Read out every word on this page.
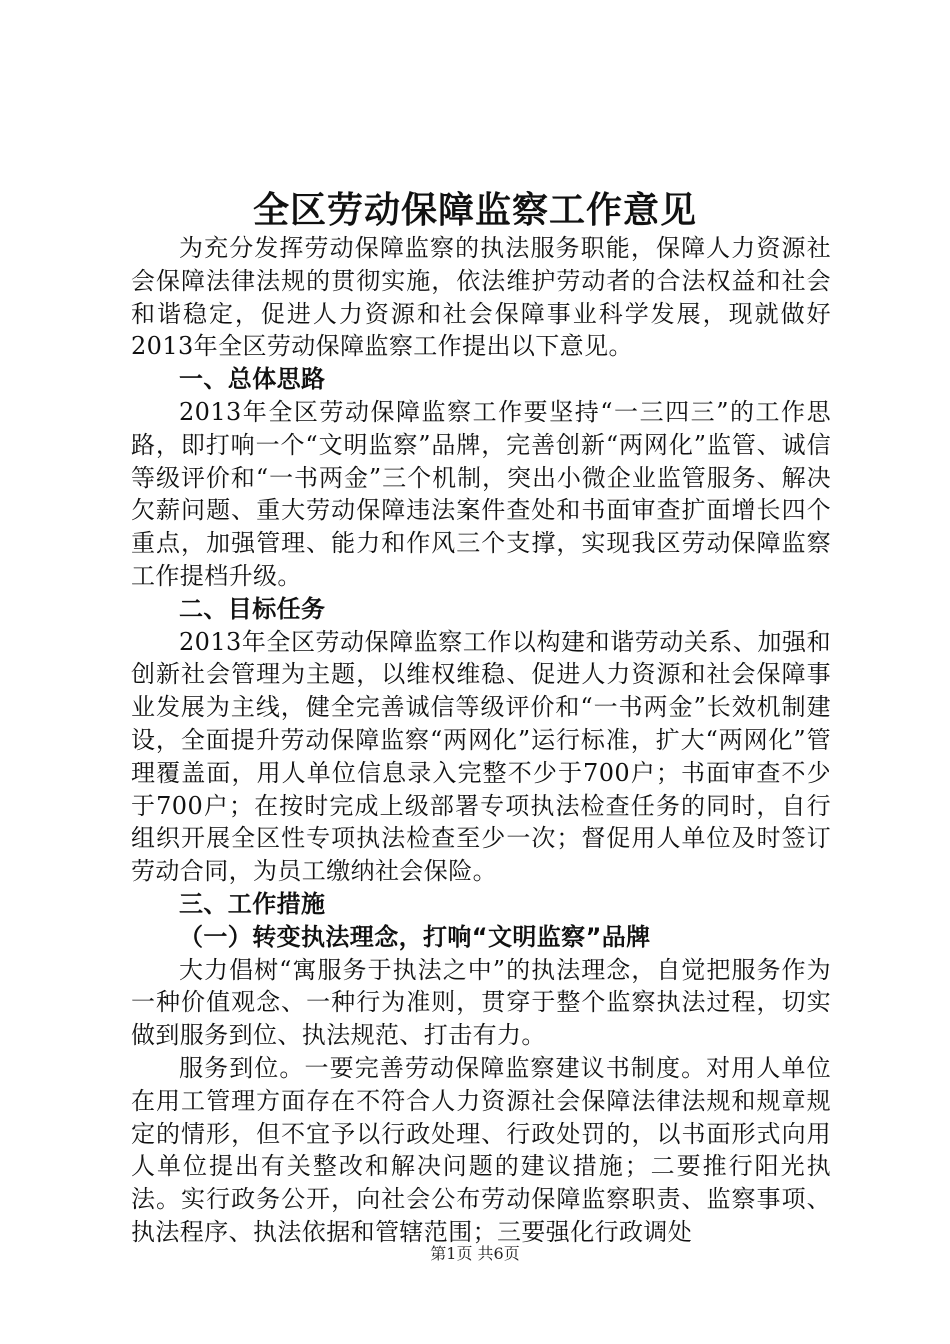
全区劳动保障监察工作意见

为充分发挥劳动保障监察的执法服务职能，保障人力资源社会保障法律法规的贯彻实施，依法维护劳动者的合法权益和社会和谐稳定，促进人力资源和社会保障事业科学发展，现就做好2013年全区劳动保障监察工作提出以下意见。

一、总体思路

2013年全区劳动保障监察工作要坚持“一三四三”的工作思路，即打响一个“文明监察”品牌，完善创新“两网化”监管、诚信等级评价和“一书两金”三个机制，突出小微企业监管服务、解决欠薪问题、重大劳动保障违法案件查处和书面审查扩面增长四个重点，加强管理、能力和作风三个支撑，实现我区劳动保障监察工作提档升级。

二、目标任务

2013年全区劳动保障监察工作以构建和谐劳动关系、加强和创新社会管理为主题，以维权维稳、促进人力资源和社会保障事业发展为主线，健全完善诚信等级评价和“一书两金”长效机制建设，全面提升劳动保障监察“两网化”运行标准，扩大“两网化”管理覆盖面，用人单位信息录入完整不少于700户；书面审查不少于700户；在按时完成上级部署专项执法检查任务的同时，自行组织开展全区性专项执法检查至少一次；督促用人单位及时签订劳动合同，为员工缴纳社会保险。

三、工作措施

（一）转变执法理念，打响“文明监察”品牌

大力倡树“寓服务于执法之中”的执法理念，自觉把服务作为一种价值观念、一种行为准则，贯穿于整个监察执法过程，切实做到服务到位、执法规范、打击有力。

服务到位。一要完善劳动保障监察建议书制度。对用人单位在用工管理方面存在不符合人力资源社会保障法律法规和规章规定的情形，但不宜予以行政处理、行政处罚的，以书面形式向用人单位提出有关整改和解决问题的建议措施；二要推行阳光执法。实行政务公开，向社会公布劳动保障监察职责、监察事项、执法程序、执法依据和管辖范围；三要强化行政调处

第1页 共6页
